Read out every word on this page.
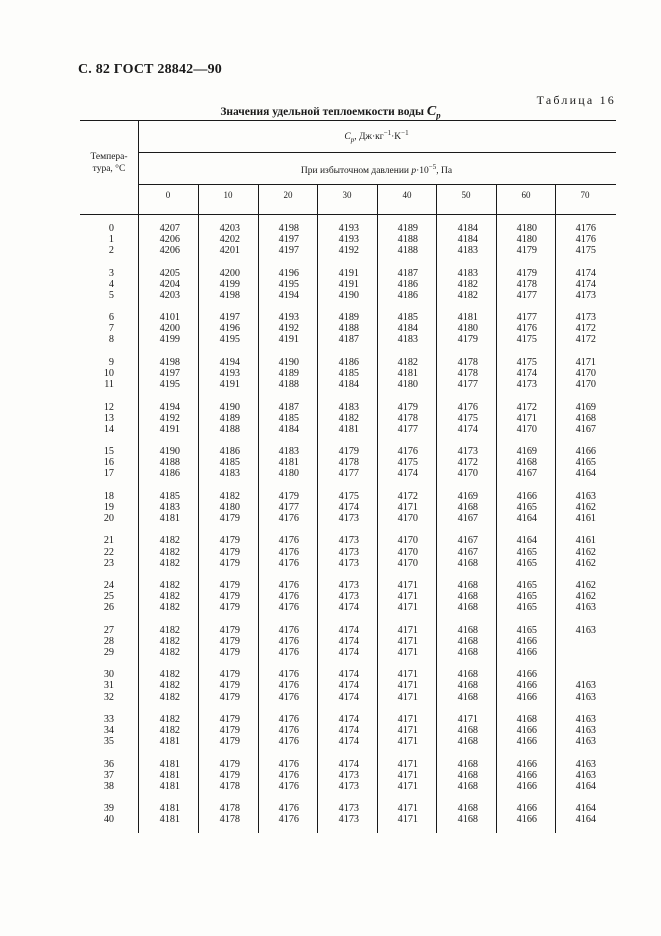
С. 82 ГОСТ 28842—90
Таблица 16
Значения удельной теплоемкости воды $C_p$
Темпера-
тура, °C
$C_p$, $Дж\cdot кг^{-1}\cdot K^{-1}$
При избыточном давлении $p\cdot 10^{-5}$, Па
0	10	20	30	40	50	60	70
0	4207	4203	4198	4193	4189	4184	4180	4176
1	4206	4202	4197	4193	4188	4184	4180	4176
2	4206	4201	4197	4192	4188	4183	4179	4175
3	4205	4200	4196	4191	4187	4183	4179	4174
4	4204	4199	4195	4191	4186	4182	4178	4174
5	4203	4198	4194	4190	4186	4182	4177	4173
6	4101	4197	4193	4189	4185	4181	4177	4173
7	4200	4196	4192	4188	4184	4180	4176	4172
8	4199	4195	4191	4187	4183	4179	4175	4172
9	4198	4194	4190	4186	4182	4178	4175	4171
10	4197	4193	4189	4185	4181	4178	4174	4170
11	4195	4191	4188	4184	4180	4177	4173	4170
12	4194	4190	4187	4183	4179	4176	4172	4169
13	4192	4189	4185	4182	4178	4175	4171	4168
14	4191	4188	4184	4181	4177	4174	4170	4167
15	4190	4186	4183	4179	4176	4173	4169	4166
16	4188	4185	4181	4178	4175	4172	4168	4165
17	4186	4183	4180	4177	4174	4170	4167	4164
18	4185	4182	4179	4175	4172	4169	4166	4163
19	4183	4180	4177	4174	4171	4168	4165	4162
20	4181	4179	4176	4173	4170	4167	4164	4161
21	4182	4179	4176	4173	4170	4167	4164	4161
22	4182	4179	4176	4173	4170	4167	4165	4162
23	4182	4179	4176	4173	4170	4168	4165	4162
24	4182	4179	4176	4173	4171	4168	4165	4162
25	4182	4179	4176	4173	4171	4168	4165	4162
26	4182	4179	4176	4174	4171	4168	4165	4163
27	4182	4179	4176	4174	4171	4168	4165	4163
28	4182	4179	4176	4174	4171	4168	4166
29	4182	4179	4176	4174	4171	4168	4166
30	4182	4179	4176	4174	4171	4168	4166
31	4182	4179	4176	4174	4171	4168	4166	4163
32	4182	4179	4176	4174	4171	4168	4166	4163
33	4182	4179	4176	4174	4171	4171	4168	4163
34	4182	4179	4176	4174	4171	4168	4166	4163
35	4181	4179	4176	4174	4171	4168	4166	4163
36	4181	4179	4176	4174	4171	4168	4166	4163
37	4181	4179	4176	4173	4171	4168	4166	4163
38	4181	4178	4176	4173	4171	4168	4166	4164
39	4181	4178	4176	4173	4171	4168	4166	4164
40	4181	4178	4176	4173	4171	4168	4166	4164
